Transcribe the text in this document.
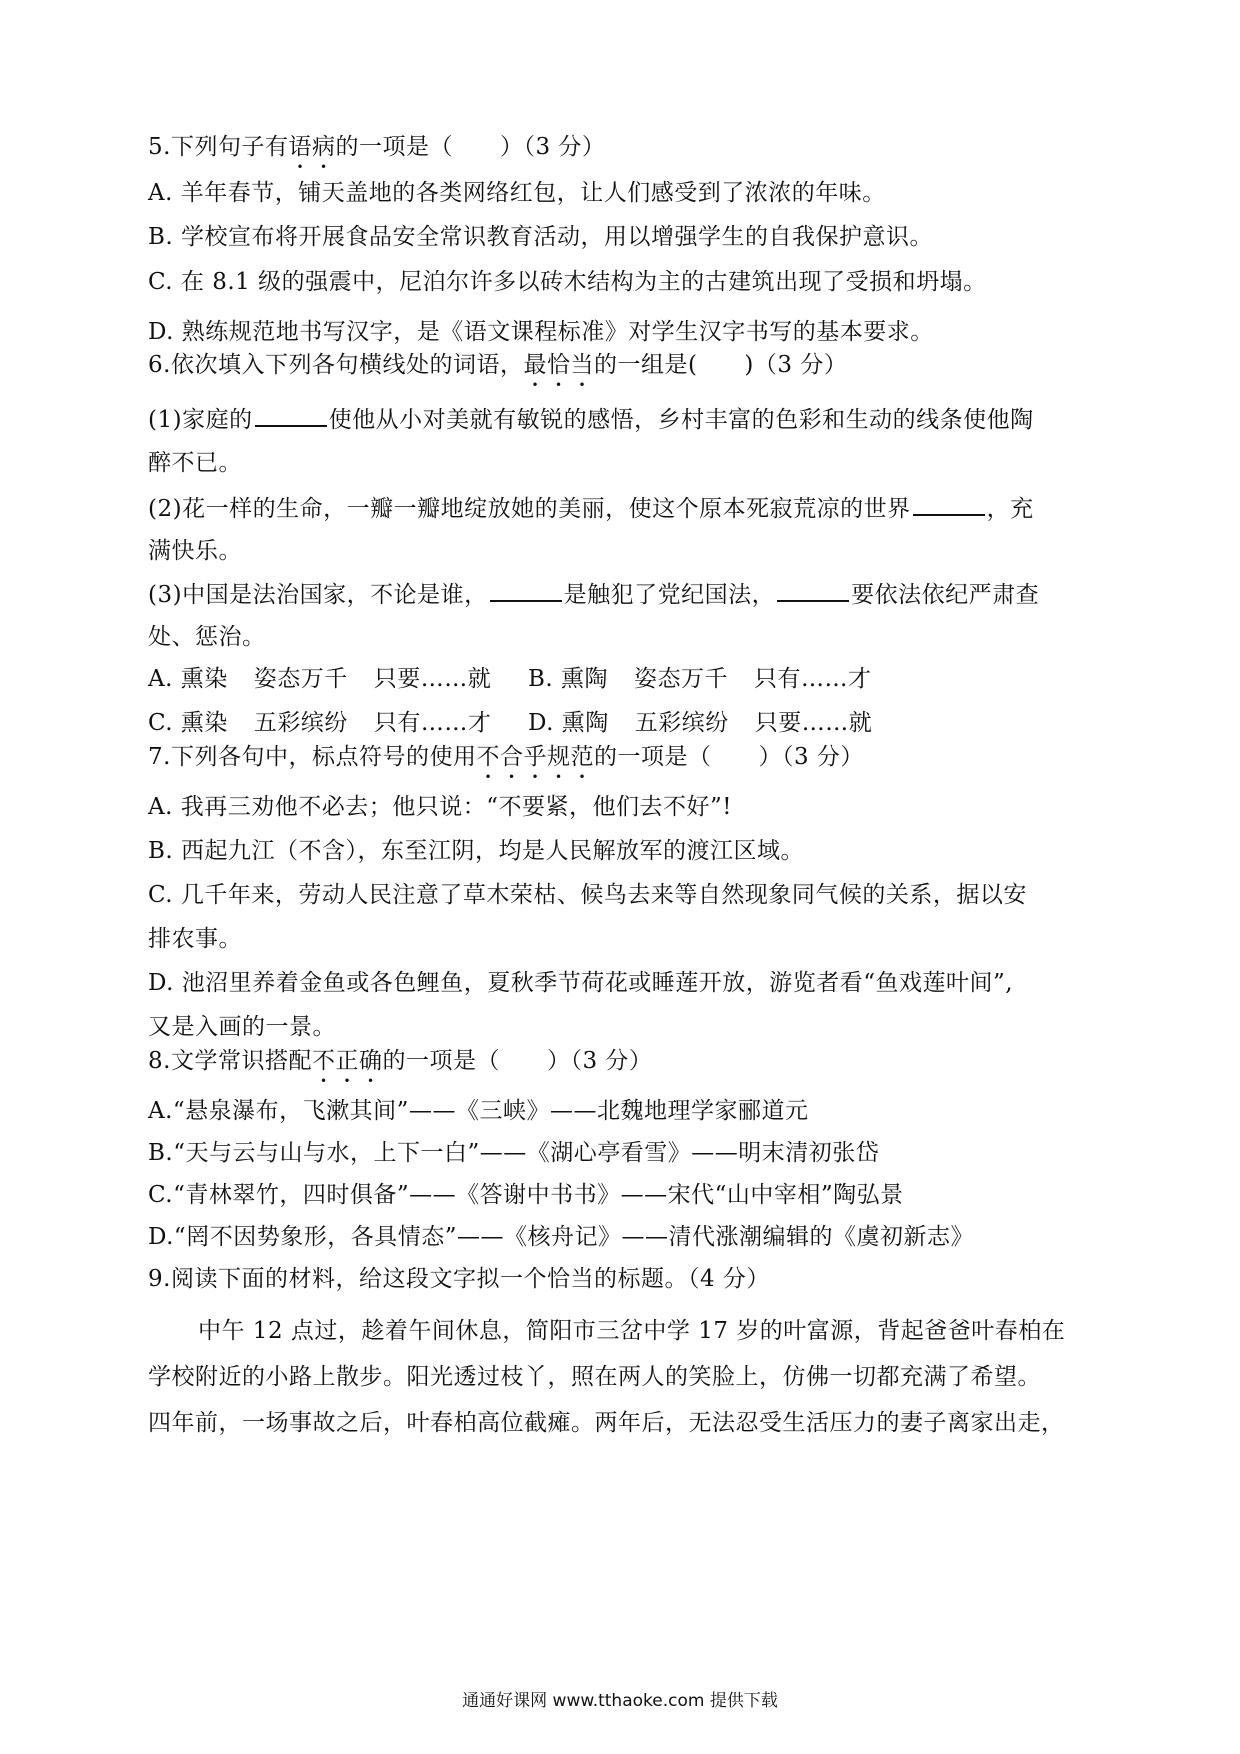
5.下列句子有语病的一项是（　　）（3 分）
A. 羊年春节，铺天盖地的各类网络红包，让人们感受到了浓浓的年味。
B. 学校宣布将开展食品安全常识教育活动，用以增强学生的自我保护意识。
C. 在 8.1 级的强震中，尼泊尔许多以砖木结构为主的古建筑出现了受损和坍塌。
D. 熟练规范地书写汉字，是《语文课程标准》对学生汉字书写的基本要求。
6.依次填入下列各句横线处的词语，最恰当的一组是(　　)（3 分）
(1)家庭的	使他从小对美就有敏锐的感悟，乡村丰富的色彩和生动的线条使他陶
醉不已。
(2)花一样的生命，一瓣一瓣地绽放她的美丽，使这个原本死寂荒凉的世界	，充
满快乐。
(3)中国是法治国家，不论是谁，	是触犯了党纪国法，	要依法依纪严肃查
处、惩治。
A. 熏染 姿态万千 只要……就 B. 熏陶 姿态万千 只有……才
C. 熏染 五彩缤纷 只有……才 D. 熏陶 五彩缤纷 只要……就
7.下列各句中，标点符号的使用不合乎规范的一项是（　　）（3 分）
A. 我再三劝他不必去；他只说：“不要紧，他们去不好”!
B. 西起九江（不含），东至江阴，均是人民解放军的渡江区域。
C. 几千年来，劳动人民注意了草木荣枯、候鸟去来等自然现象同气候的关系，据以安
排农事。
D. 池沼里养着金鱼或各色鲤鱼，夏秋季节荷花或睡莲开放，游览者看“鱼戏莲叶间”,
又是入画的一景。
8.文学常识搭配不正确的一项是（　　）（3 分）
A.“悬泉瀑布，飞漱其间”——《三峡》——北魏地理学家郦道元
B.“天与云与山与水，上下一白”——《湖心亭看雪》——明末清初张岱
C.“青林翠竹，四时俱备”——《答谢中书书》——宋代“山中宰相”陶弘景
D.“罔不因势象形，各具情态”——《核舟记》——清代涨潮编辑的《虞初新志》
9.阅读下面的材料，给这段文字拟一个恰当的标题。（4 分）
中午 12 点过，趁着午间休息，简阳市三岔中学 17 岁的叶富源，背起爸爸叶春柏在
学校附近的小路上散步。阳光透过枝丫，照在两人的笑脸上，仿佛一切都充满了希望。
四年前，一场事故之后，叶春柏高位截瘫。两年后，无法忍受生活压力的妻子离家出走，
通通好课网 www.tthaoke.com 提供下载
